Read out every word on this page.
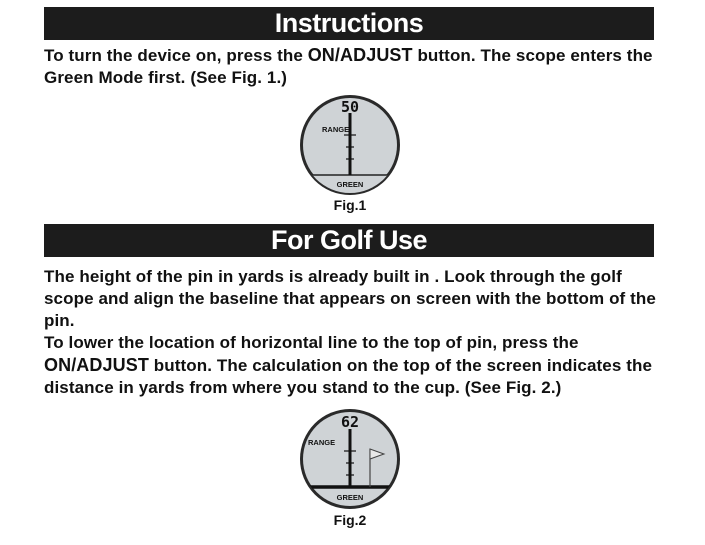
Instructions
To turn the device on, press the ON/ADJUST button. The scope enters the Green Mode first. (See Fig. 1.)
50
RANGE
GREEN
Fig.1
For Golf Use
The height of the pin in yards is already built in . Look through the golf scope and align the baseline that appears on screen with the bottom of the pin.
To lower the location of horizontal line to the top of pin, press the ON/ADJUST button. The calculation on the top of the screen indicates the distance in yards from where you stand to the cup. (See Fig. 2.)
62
RANGE
GREEN
Fig.2
